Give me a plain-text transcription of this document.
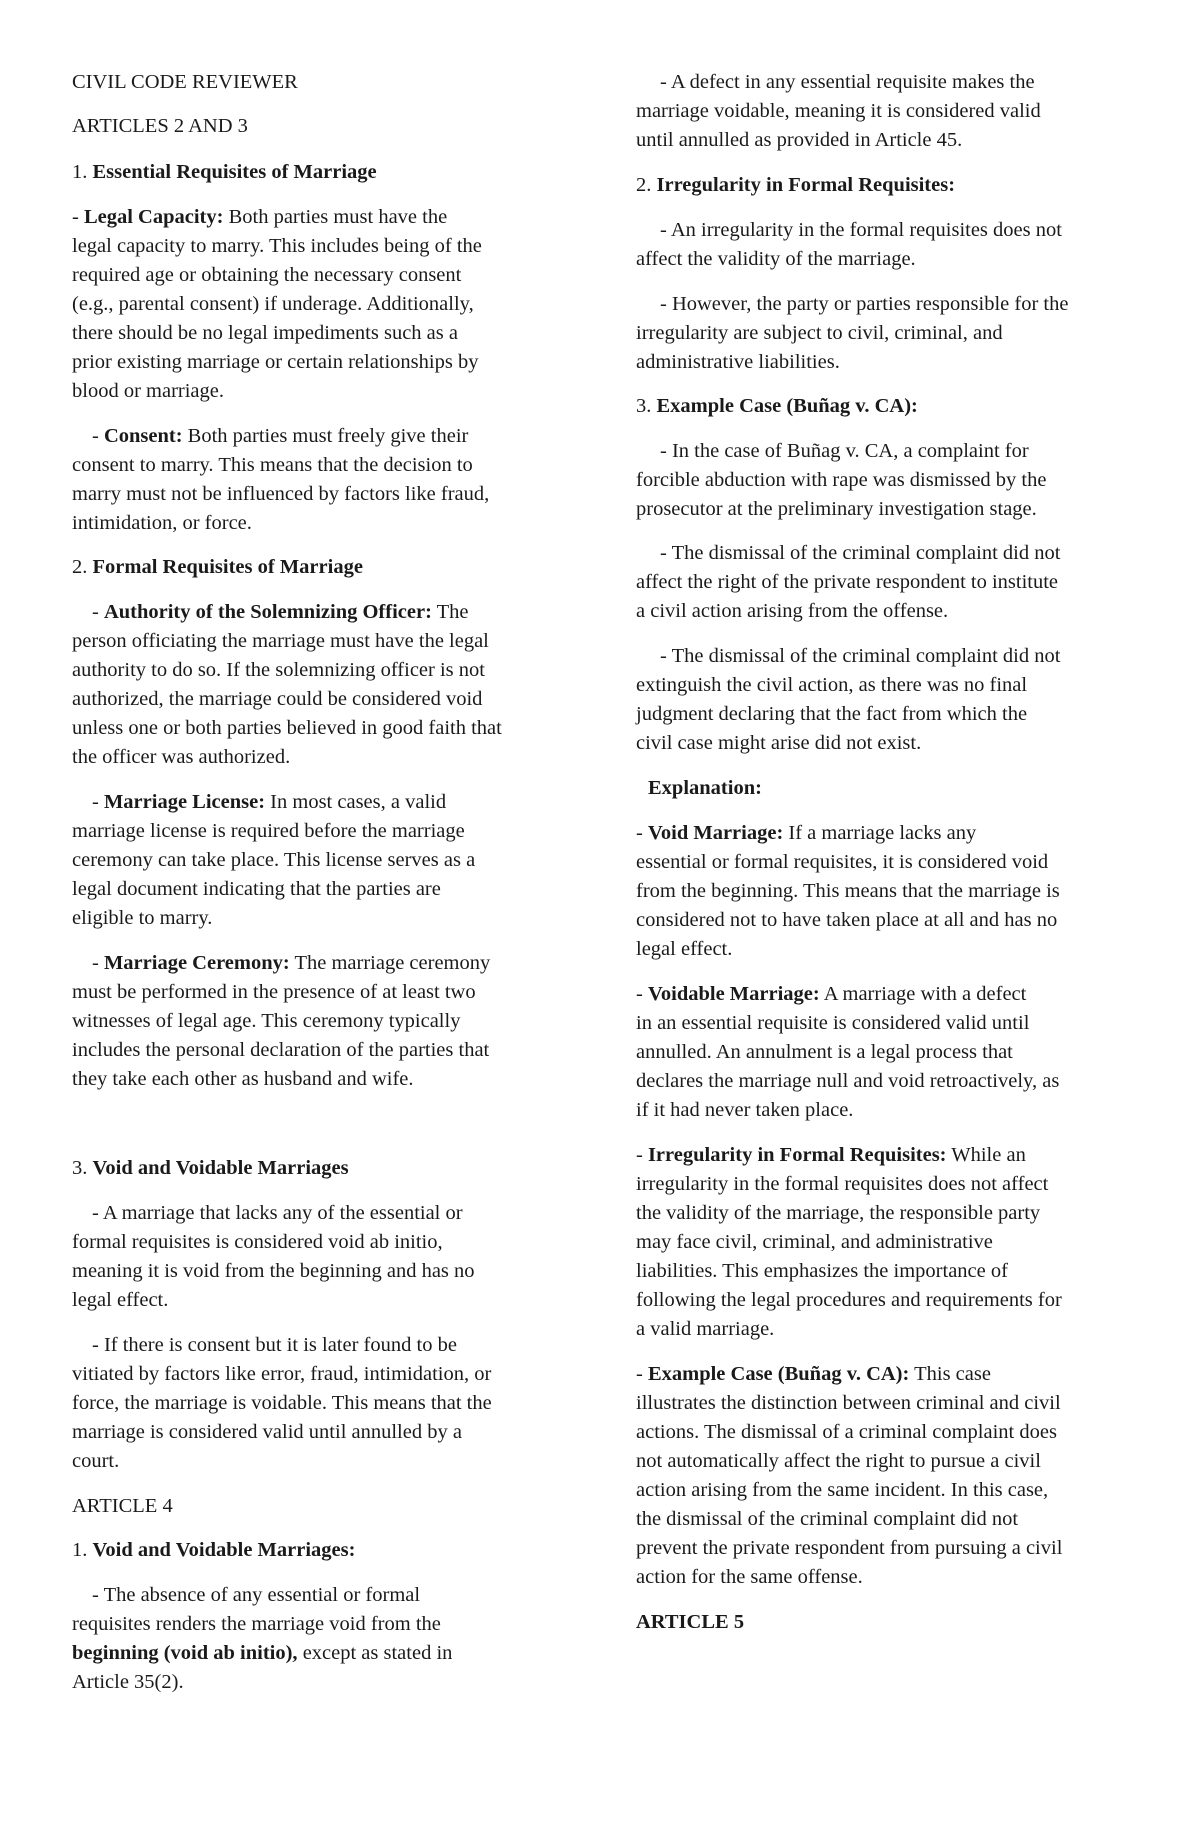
CIVIL CODE REVIEWER
ARTICLES 2 AND 3
1. Essential Requisites of Marriage
- Legal Capacity: Both parties must have the
legal capacity to marry. This includes being of the
required age or obtaining the necessary consent
(e.g., parental consent) if underage. Additionally,
there should be no legal impediments such as a
prior existing marriage or certain relationships by
blood or marriage.
- Consent: Both parties must freely give their
consent to marry. This means that the decision to
marry must not be influenced by factors like fraud,
intimidation, or force.
2. Formal Requisites of Marriage
- Authority of the Solemnizing Officer: The
person officiating the marriage must have the legal
authority to do so. If the solemnizing officer is not
authorized, the marriage could be considered void
unless one or both parties believed in good faith that
the officer was authorized.
- Marriage License: In most cases, a valid
marriage license is required before the marriage
ceremony can take place. This license serves as a
legal document indicating that the parties are
eligible to marry.
- Marriage Ceremony: The marriage ceremony
must be performed in the presence of at least two
witnesses of legal age. This ceremony typically
includes the personal declaration of the parties that
they take each other as husband and wife.
3. Void and Voidable Marriages
- A marriage that lacks any of the essential or
formal requisites is considered void ab initio,
meaning it is void from the beginning and has no
legal effect.
- If there is consent but it is later found to be
vitiated by factors like error, fraud, intimidation, or
force, the marriage is voidable. This means that the
marriage is considered valid until annulled by a
court.
ARTICLE 4
1. Void and Voidable Marriages:
- The absence of any essential or formal
requisites renders the marriage void from the
beginning (void ab initio), except as stated in
Article 35(2).
- A defect in any essential requisite makes the
marriage voidable, meaning it is considered valid
until annulled as provided in Article 45.
2. Irregularity in Formal Requisites:
- An irregularity in the formal requisites does not
affect the validity of the marriage.
- However, the party or parties responsible for the
irregularity are subject to civil, criminal, and
administrative liabilities.
3. Example Case (Buñag v. CA):
- In the case of Buñag v. CA, a complaint for
forcible abduction with rape was dismissed by the
prosecutor at the preliminary investigation stage.
- The dismissal of the criminal complaint did not
affect the right of the private respondent to institute
a civil action arising from the offense.
- The dismissal of the criminal complaint did not
extinguish the civil action, as there was no final
judgment declaring that the fact from which the
civil case might arise did not exist.
Explanation:
- Void Marriage: If a marriage lacks any
essential or formal requisites, it is considered void
from the beginning. This means that the marriage is
considered not to have taken place at all and has no
legal effect.
- Voidable Marriage: A marriage with a defect
in an essential requisite is considered valid until
annulled. An annulment is a legal process that
declares the marriage null and void retroactively, as
if it had never taken place.
- Irregularity in Formal Requisites: While an
irregularity in the formal requisites does not affect
the validity of the marriage, the responsible party
may face civil, criminal, and administrative
liabilities. This emphasizes the importance of
following the legal procedures and requirements for
a valid marriage.
- Example Case (Buñag v. CA): This case
illustrates the distinction between criminal and civil
actions. The dismissal of a criminal complaint does
not automatically affect the right to pursue a civil
action arising from the same incident. In this case,
the dismissal of the criminal complaint did not
prevent the private respondent from pursuing a civil
action for the same offense.
ARTICLE 5
